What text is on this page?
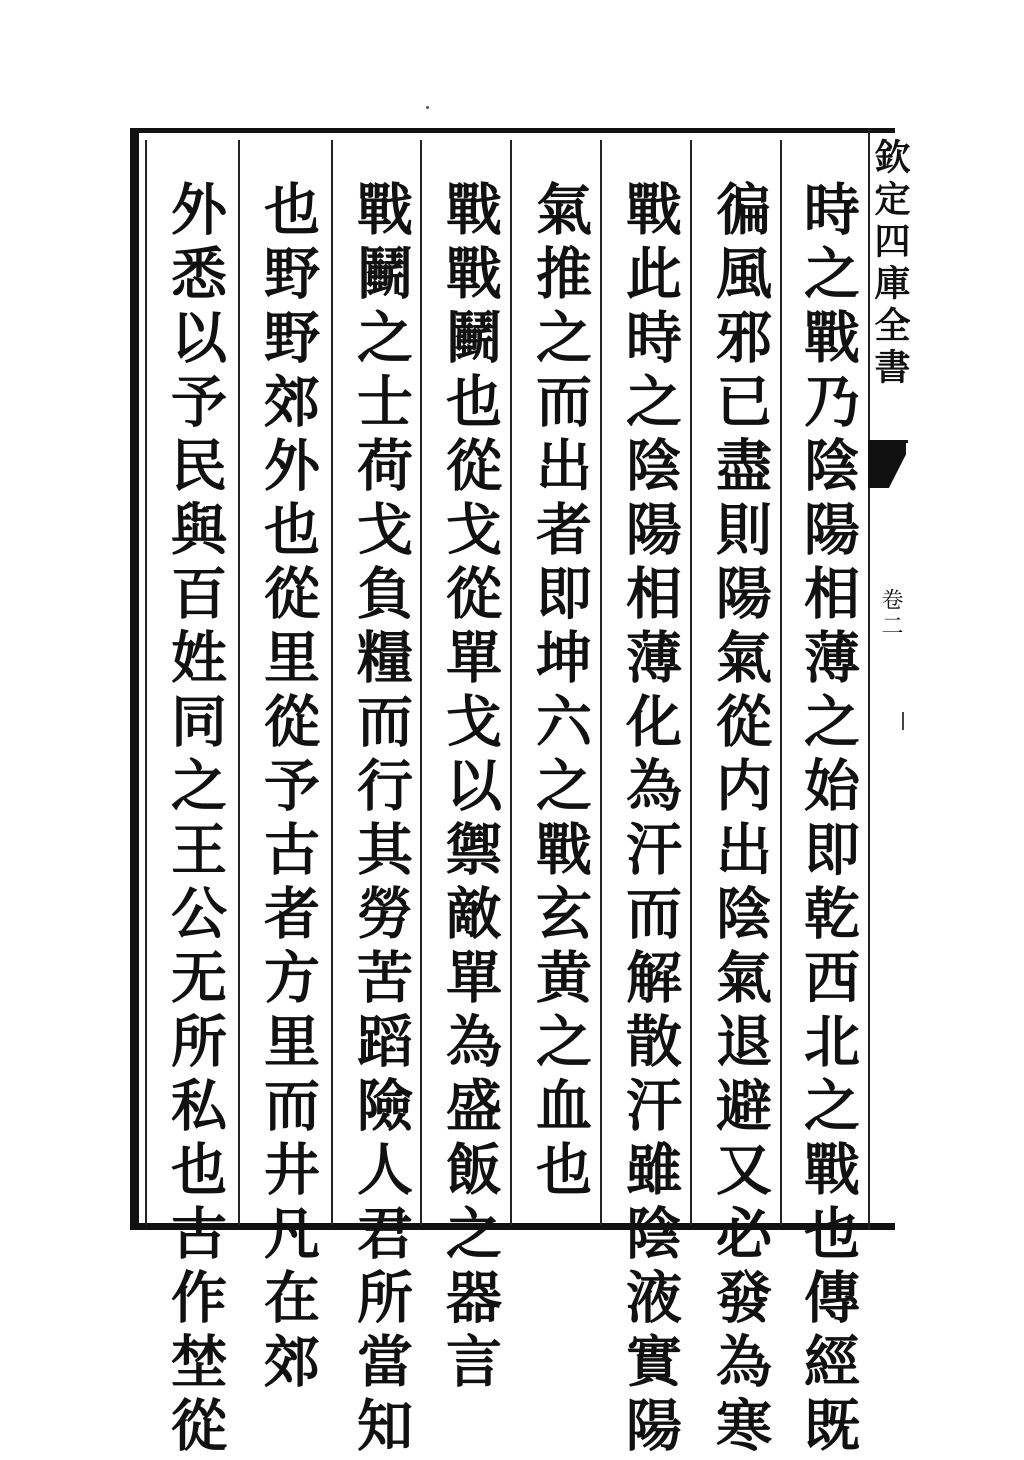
時之戰乃陰陽相薄之始即乾西北之戰也傳經既
徧風邪已盡則陽氣從内出陰氣退避又必發為寒
戰此時之陰陽相薄化為汗而解散汗雖陰液實陽
氣推之而出者即坤六之戰玄黄之血也
戰戰鬭也從戈從單戈以禦敵單為盛飯之器言
戰鬭之士荷戈負糧而行其勞苦蹈險人君所當知
也野野郊外也從里從予古者方里而井凡在郊
外悉以予民與百姓同之王公无所私也古作埜從	欽定四庫全書
卷二
